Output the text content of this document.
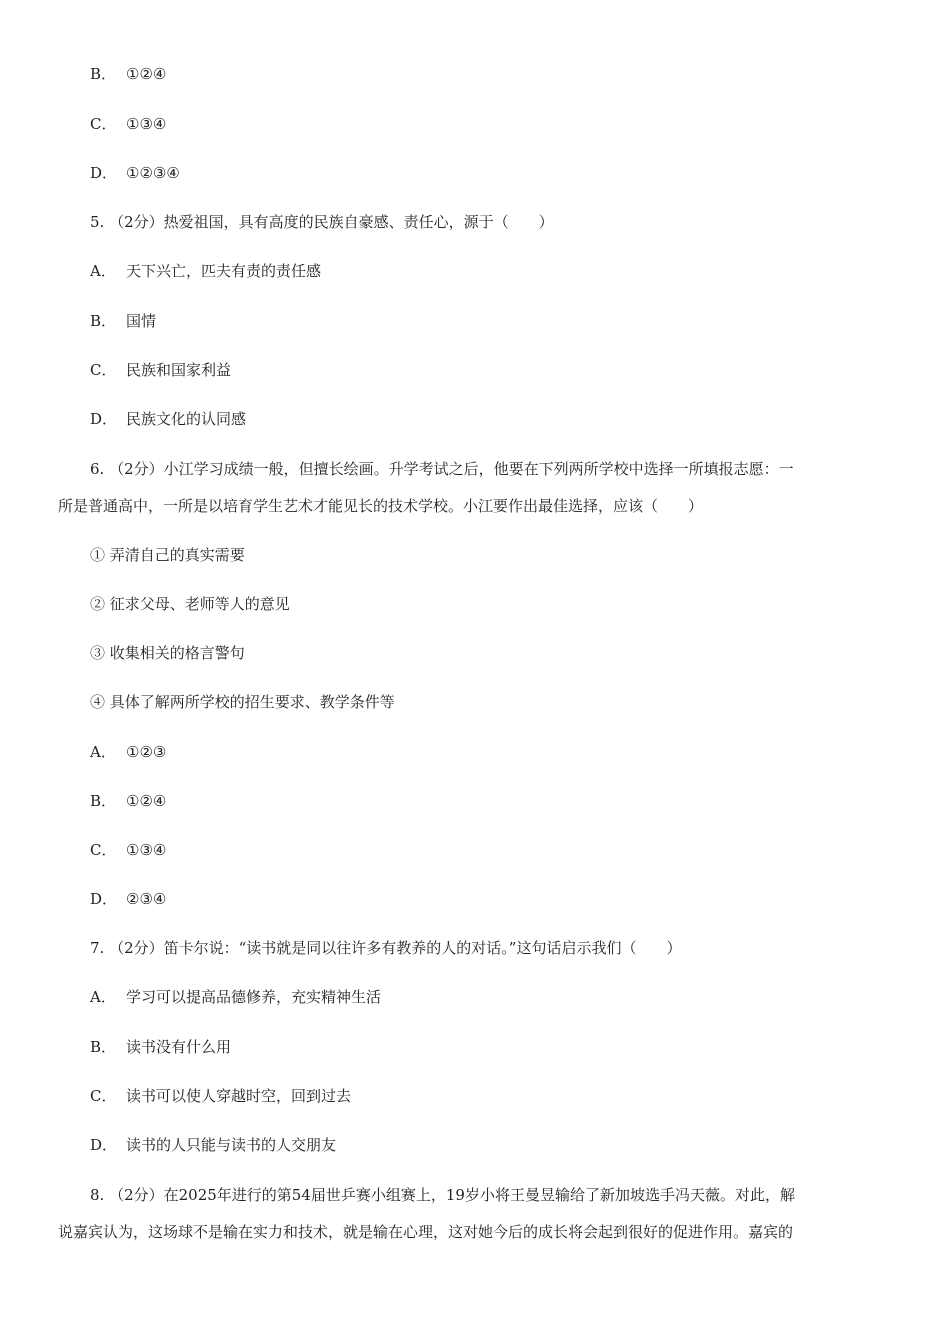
B． ①②④
C． ①③④
D． ①②③④
5. （2分）热爱祖国，具有高度的民族自豪感、责任心，源于（　　）
A． 天下兴亡，匹夫有责的责任感
B． 国情
C． 民族和国家利益
D． 民族文化的认同感
6. （2分）小江学习成绩一般，但擅长绘画。升学考试之后，他要在下列两所学校中选择一所填报志愿：一
所是普通高中，一所是以培育学生艺术才能见长的技术学校。小江要作出最佳选择，应该（　　）
① 弄清自己的真实需要
② 征求父母、老师等人的意见
③ 收集相关的格言警句
④ 具体了解两所学校的招生要求、教学条件等
A． ①②③
B． ①②④
C． ①③④
D． ②③④
7. （2分）笛卡尔说：“读书就是同以往许多有教养的人的对话。”这句话启示我们（　　）
A． 学习可以提高品德修养，充实精神生活
B． 读书没有什么用
C． 读书可以使人穿越时空，回到过去
D． 读书的人只能与读书的人交朋友
8. （2分）在2025年进行的第54届世乒赛小组赛上，19岁小将王曼昱输给了新加坡选手冯天薇。对此，解
说嘉宾认为，这场球不是输在实力和技术，就是输在心理，这对她今后的成长将会起到很好的促进作用。嘉宾的
